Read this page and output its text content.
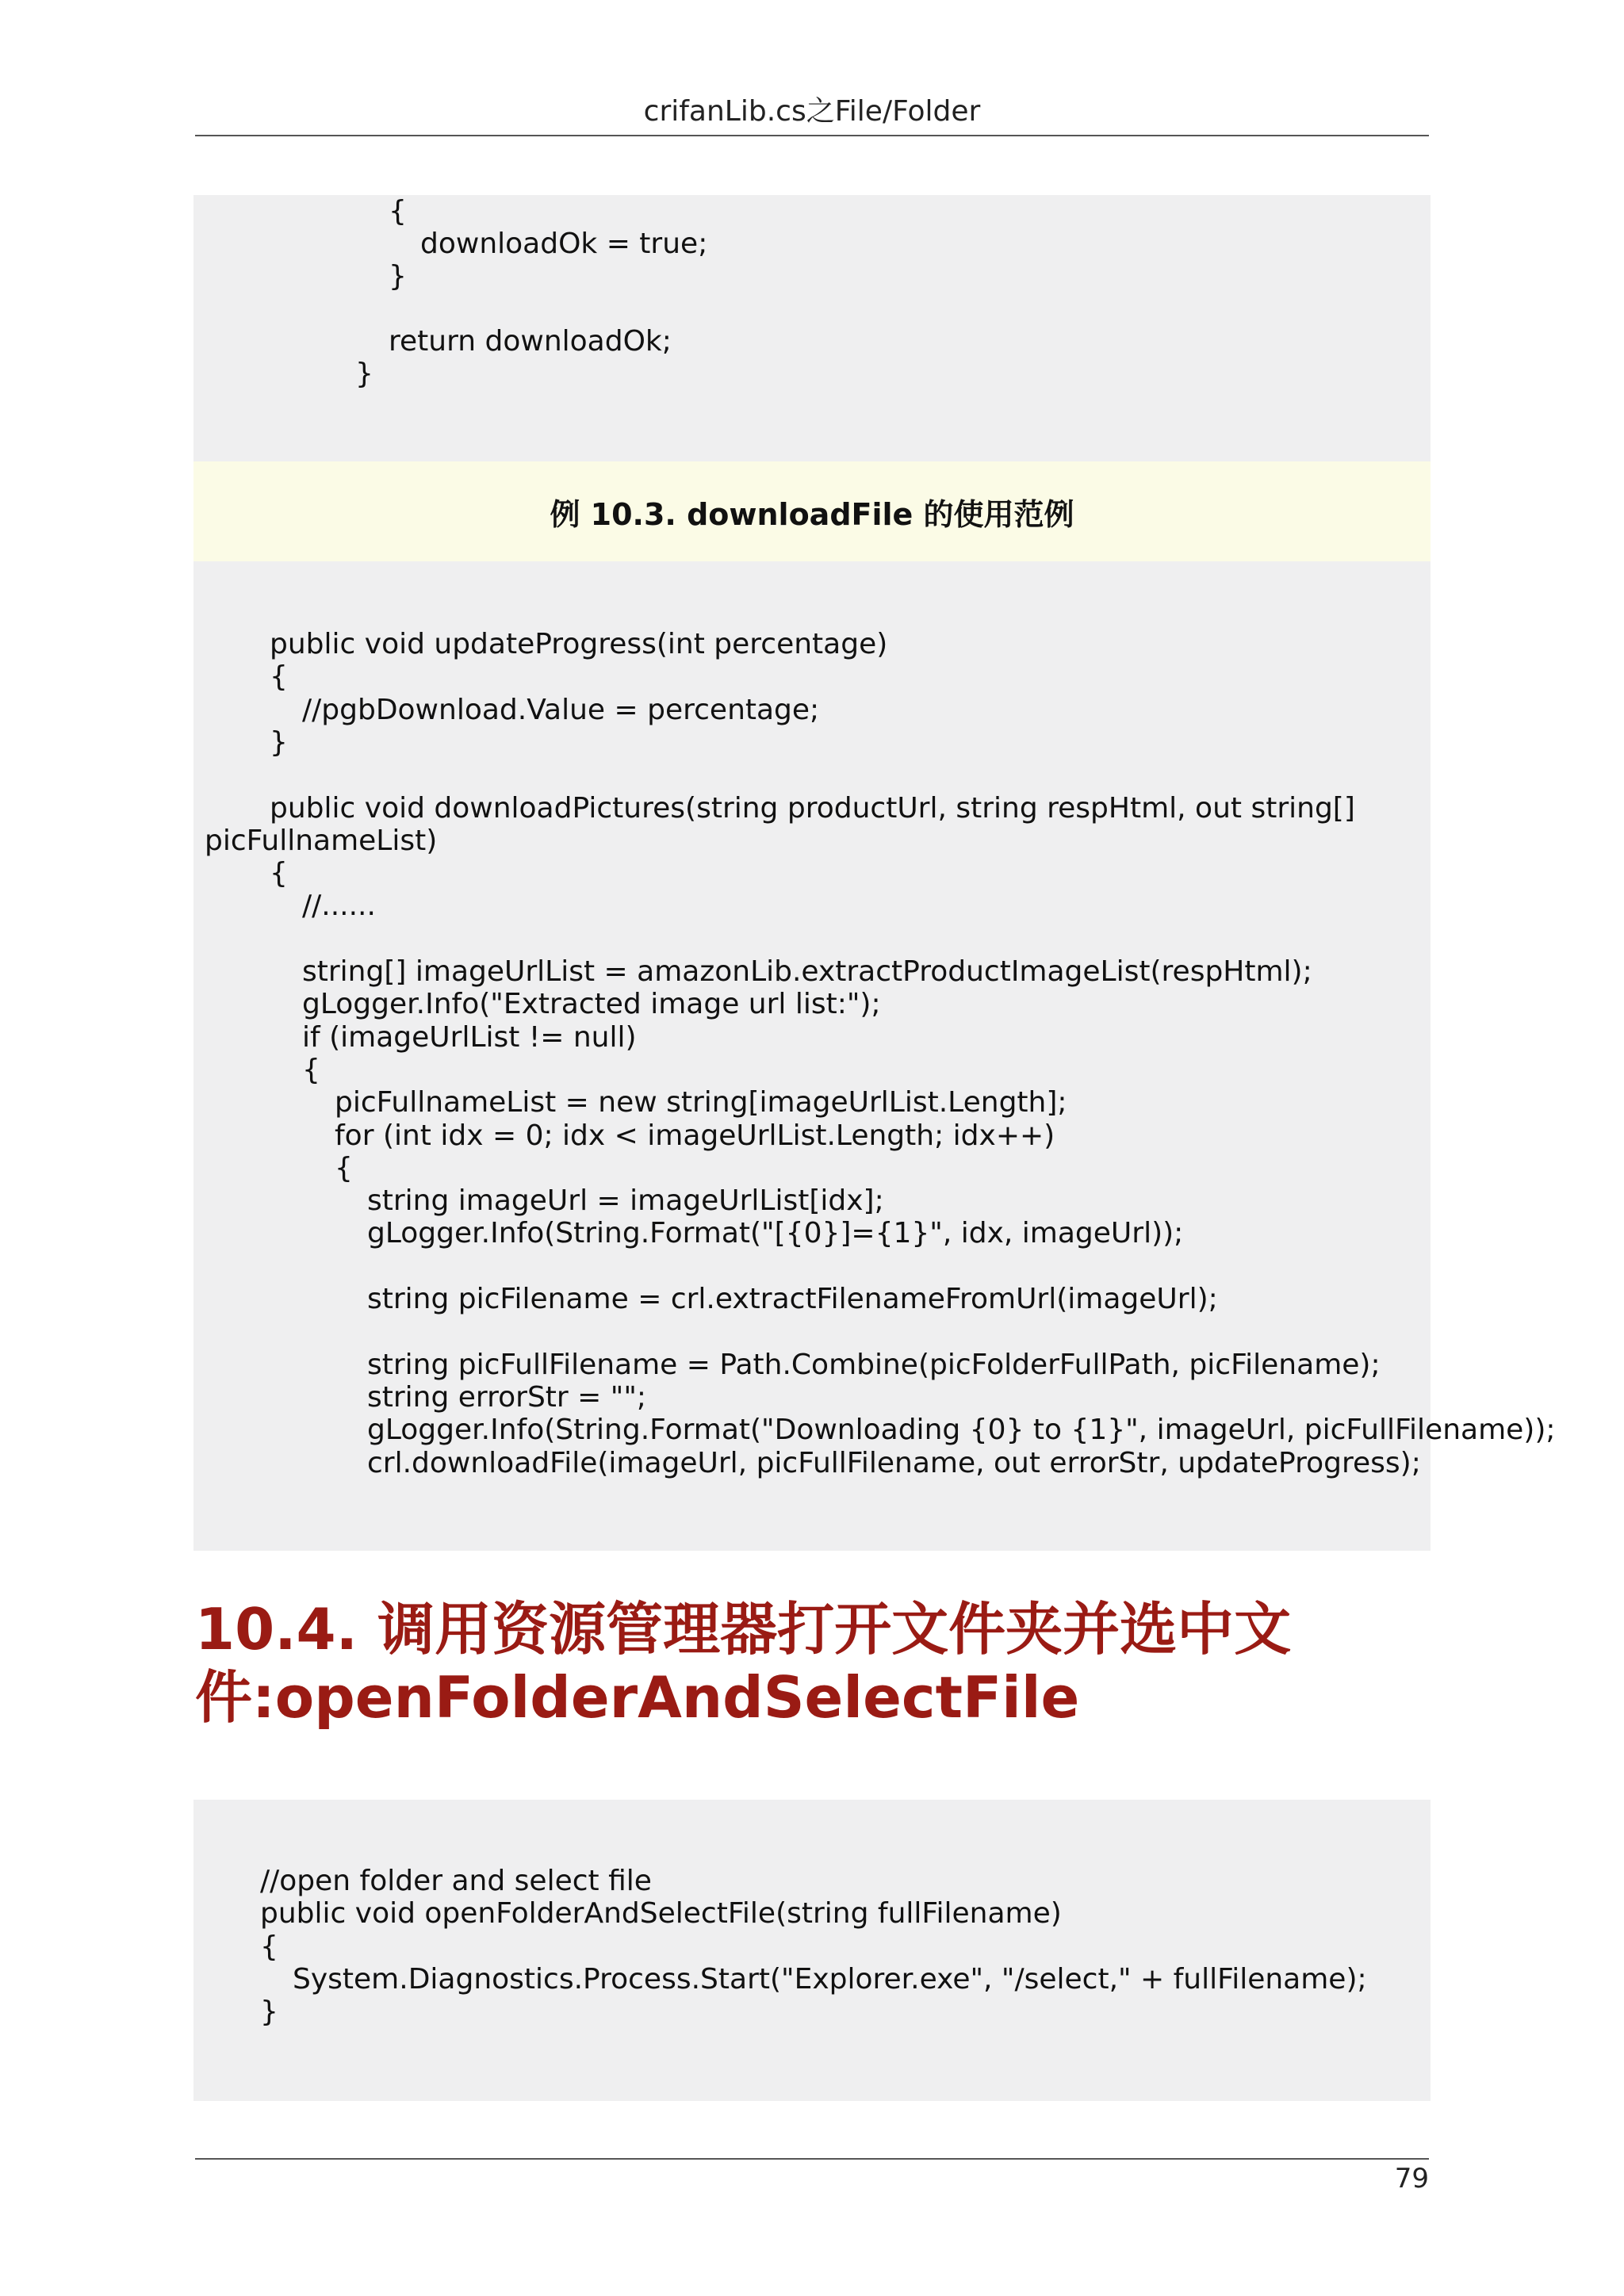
crifanLib.cs之File/Folder
{
downloadOk = true;
}
return downloadOk;
}
例 10.3. downloadFile 的使用范例
public void updateProgress(int percentage)
{
//pgbDownload.Value = percentage;
}
public void downloadPictures(string productUrl, string respHtml, out string[]
picFullnameList)
{
//......
string[] imageUrlList = amazonLib.extractProductImageList(respHtml);
gLogger.Info("Extracted image url list:");
if (imageUrlList != null)
{
picFullnameList = new string[imageUrlList.Length];
for (int idx = 0; idx < imageUrlList.Length; idx++)
{
string imageUrl = imageUrlList[idx];
gLogger.Info(String.Format("[{0}]={1}", idx, imageUrl));
string picFilename = crl.extractFilenameFromUrl(imageUrl);
string picFullFilename = Path.Combine(picFolderFullPath, picFilename);
string errorStr = "";
gLogger.Info(String.Format("Downloading {0} to {1}", imageUrl, picFullFilename));
crl.downloadFile(imageUrl, picFullFilename, out errorStr, updateProgress);
10.4. 调用资源管理器打开文件夹并选中文
件:openFolderAndSelectFile
//open folder and select file
public void openFolderAndSelectFile(string fullFilename)
{
System.Diagnostics.Process.Start("Explorer.exe", "/select," + fullFilename);
}
79
